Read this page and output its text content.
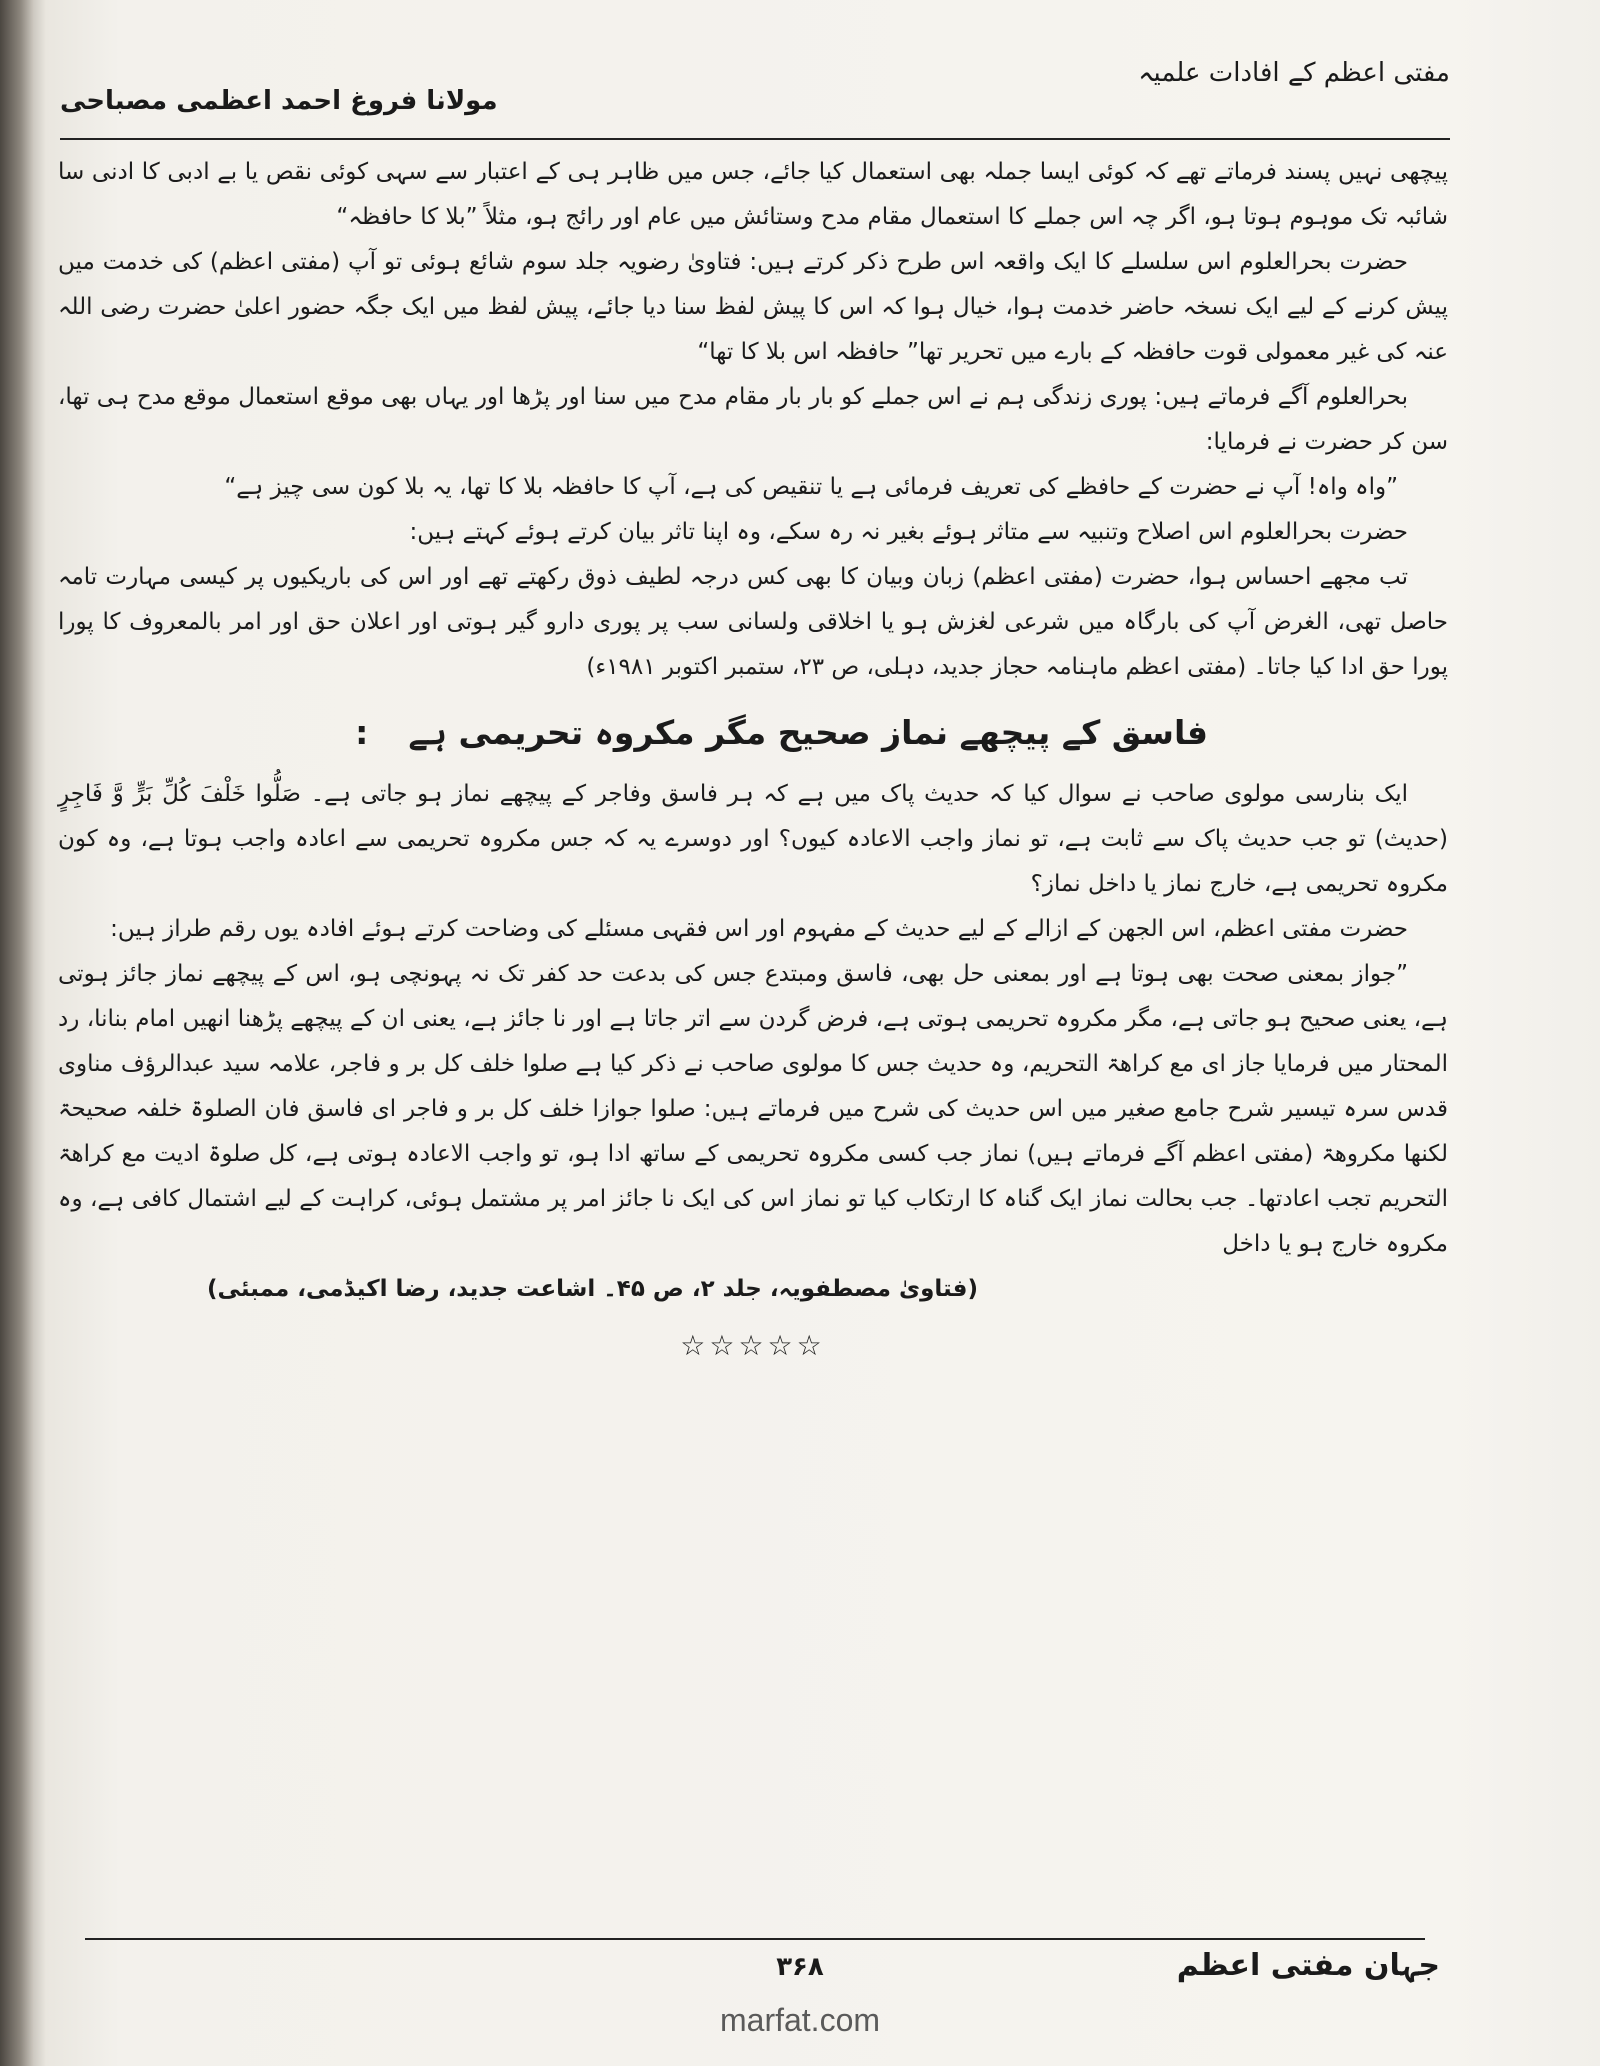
مفتی اعظم کے افادات علمیہ
مولانا فروغ احمد اعظمی مصباحی

پیچھی نہیں پسند فرماتے تھے کہ کوئی ایسا جملہ بھی استعمال کیا جائے، جس میں ظاہر ہی کے اعتبار سے سہی کوئی نقص یا بے ادبی کا ادنی سا شائبہ تک موہوم ہوتا ہو، اگر چہ اس جملے کا استعمال مقام مدح وستائش میں عام اور رائج ہو، مثلاً ”بلا کا حافظہ“

حضرت بحرالعلوم اس سلسلے کا ایک واقعہ اس طرح ذکر کرتے ہیں: فتاویٰ رضویہ جلد سوم شائع ہوئی تو آپ (مفتی اعظم) کی خدمت میں پیش کرنے کے لیے ایک نسخہ حاضر خدمت ہوا، خیال ہوا کہ اس کا پیش لفظ سنا دیا جائے، پیش لفظ میں ایک جگہ حضور اعلیٰ حضرت رضی اللہ عنہ کی غیر معمولی قوت حافظہ کے بارے میں تحریر تھا” حافظہ اس بلا کا تھا“

بحرالعلوم آگے فرماتے ہیں: پوری زندگی ہم نے اس جملے کو بار بار مقام مدح میں سنا اور پڑھا اور یہاں بھی موقع استعمال موقع مدح ہی تھا، سن کر حضرت نے فرمایا:

”واہ واہ! آپ نے حضرت کے حافظے کی تعریف فرمائی ہے یا تنقیص کی ہے، آپ کا حافظہ بلا کا تھا، یہ بلا کون سی چیز ہے“

حضرت بحرالعلوم اس اصلاح وتنبیہ سے متاثر ہوئے بغیر نہ رہ سکے، وہ اپنا تاثر بیان کرتے ہوئے کہتے ہیں:

تب مجھے احساس ہوا، حضرت (مفتی اعظم) زبان وبیان کا بھی کس درجہ لطیف ذوق رکھتے تھے اور اس کی باریکیوں پر کیسی مہارت تامہ حاصل تھی، الغرض آپ کی بارگاہ میں شرعی لغزش ہو یا اخلاقی ولسانی سب پر پوری دارو گیر ہوتی اور اعلان حق اور امر بالمعروف کا پورا پورا حق ادا کیا جاتا۔ (مفتی اعظم ماہنامہ حجاز جدید، دہلی، ص ۲۳، ستمبر اکتوبر ۱۹۸۱ء)

فاسق کے پیچھے نماز صحیح مگر مکروہ تحریمی ہے:

ایک بنارسی مولوی صاحب نے سوال کیا کہ حدیث پاک میں ہے کہ ہر فاسق وفاجر کے پیچھے نماز ہو جاتی ہے۔ صَلُّوا خَلْفَ کُلِّ بَرٍّ وَّ فَاجِرٍ (حدیث) تو جب حدیث پاک سے ثابت ہے، تو نماز واجب الاعادہ کیوں؟ اور دوسرے یہ کہ جس مکروہ تحریمی سے اعادہ واجب ہوتا ہے، وہ کون مکروہ تحریمی ہے، خارج نماز یا داخل نماز؟

حضرت مفتی اعظم، اس الجھن کے ازالے کے لیے حدیث کے مفہوم اور اس فقہی مسئلے کی وضاحت کرتے ہوئے افادہ یوں رقم طراز ہیں:

”جواز بمعنی صحت بھی ہوتا ہے اور بمعنی حل بھی، فاسق ومبتدع جس کی بدعت حد کفر تک نہ پہونچی ہو، اس کے پیچھے نماز جائز ہوتی ہے، یعنی صحیح ہو جاتی ہے، مگر مکروہ تحریمی ہوتی ہے، فرض گردن سے اتر جاتا ہے اور نا جائز ہے، یعنی ان کے پیچھے پڑھنا انھیں امام بنانا، رد المحتار میں فرمایا جاز ای مع کراھۃ التحریم، وہ حدیث جس کا مولوی صاحب نے ذکر کیا ہے صلوا خلف کل بر و فاجر، علامہ سید عبدالرؤف مناوی قدس سرہ تیسیر شرح جامع صغیر میں اس حدیث کی شرح میں فرماتے ہیں: صلوا جوازا خلف کل بر و فاجر ای فاسق فان الصلوۃ خلفہ صحیحۃ لکنھا مکروھۃ (مفتی اعظم آگے فرماتے ہیں) نماز جب کسی مکروہ تحریمی کے ساتھ ادا ہو، تو واجب الاعادہ ہوتی ہے، کل صلوۃ ادیت مع کراھۃ التحریم تجب اعادتھا۔ جب بحالت نماز ایک گناہ کا ارتکاب کیا تو نماز اس کی ایک نا جائز امر پر مشتمل ہوئی، کراہت کے لیے اشتمال کافی ہے، وہ مکروہ خارج ہو یا داخل

(فتاویٰ مصطفویہ، جلد ۲، ص ۴۵۔ اشاعت جدید، رضا اکیڈمی، ممبئی)

☆☆☆☆☆

جہان مفتی اعظم
۳۶۸
marfat.com
